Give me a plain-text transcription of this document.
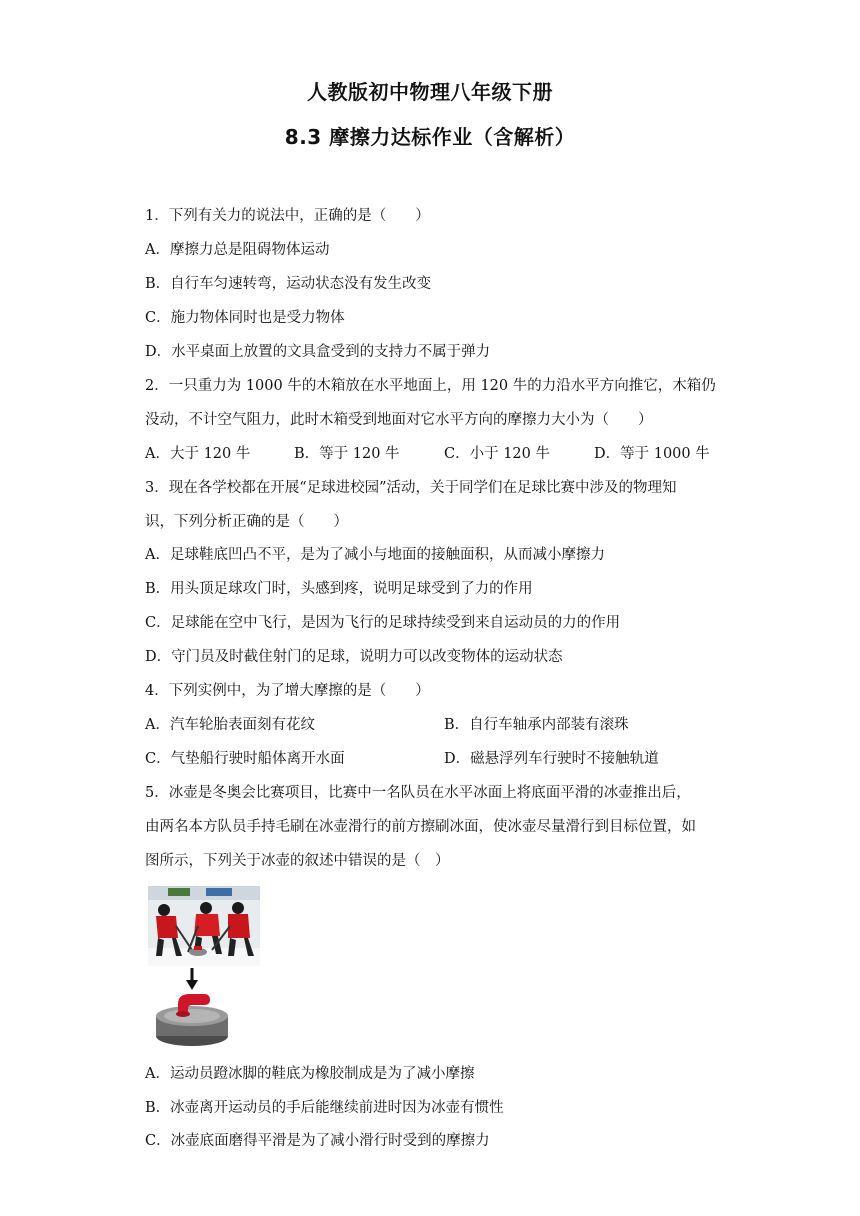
人教版初中物理八年级下册
8.3 摩擦力达标作业（含解析）
1．下列有关力的说法中，正确的是（　　）
A．摩擦力总是阻碍物体运动
B．自行车匀速转弯，运动状态没有发生改变
C．施力物体同时也是受力物体
D．水平桌面上放置的文具盒受到的支持力不属于弹力
2．一只重力为 1000 牛的木箱放在水平地面上，用 120 牛的力沿水平方向推它，木箱仍
没动，不计空气阻力，此时木箱受到地面对它水平方向的摩擦力大小为（　　）
A．大于 120 牛	B．等于 120 牛	C．小于 120 牛	D．等于 1000 牛
3．现在各学校都在开展“足球进校园”活动，关于同学们在足球比赛中涉及的物理知
识，下列分析正确的是（　　）
A．足球鞋底凹凸不平，是为了减小与地面的接触面积，从而减小摩擦力
B．用头顶足球攻门时，头感到疼，说明足球受到了力的作用
C．足球能在空中飞行，是因为飞行的足球持续受到来自运动员的力的作用
D．守门员及时截住射门的足球，说明力可以改变物体的运动状态
4．下列实例中，为了增大摩擦的是（　　）
A．汽车轮胎表面刻有花纹	B．自行车轴承内部装有滚珠
C．气垫船行驶时船体离开水面	D．磁悬浮列车行驶时不接触轨道
5．冰壶是冬奥会比赛项目，比赛中一名队员在水平冰面上将底面平滑的冰壶推出后，
由两名本方队员手持毛刷在冰壶滑行的前方擦刷冰面，使冰壶尽量滑行到目标位置，如
图所示，下列关于冰壶的叙述中错误的是（　）
A．运动员蹬冰脚的鞋底为橡胶制成是为了减小摩擦
B．冰壶离开运动员的手后能继续前进时因为冰壶有惯性
C．冰壶底面磨得平滑是为了减小滑行时受到的摩擦力
